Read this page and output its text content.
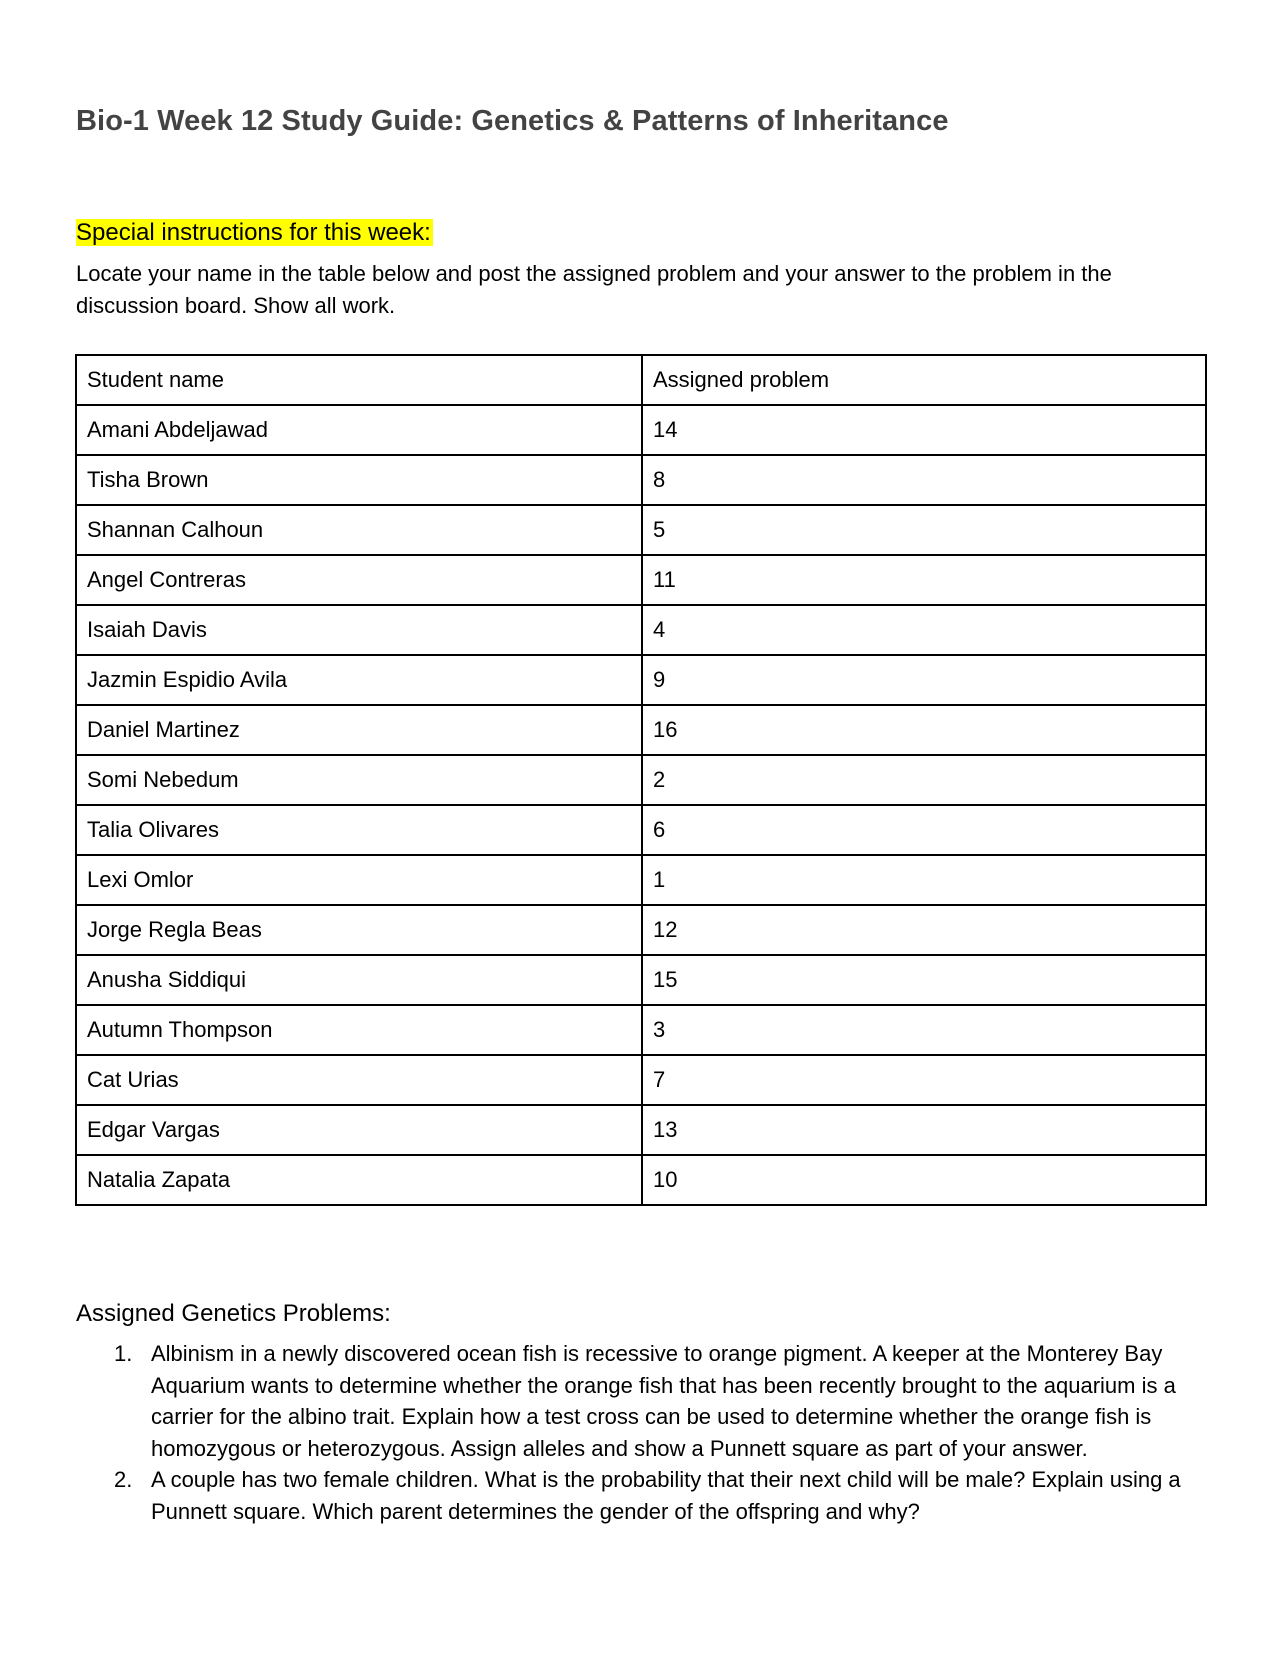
Bio-1 Week 12 Study Guide: Genetics & Patterns of Inheritance

Special instructions for this week:

Locate your name in the table below and post the assigned problem and your answer to the problem in the discussion board. Show all work.

Student name	Assigned problem
Amani Abdeljawad	14
Tisha Brown	8
Shannan Calhoun	5
Angel Contreras	11
Isaiah Davis	4
Jazmin Espidio Avila	9
Daniel Martinez	16
Somi Nebedum	2
Talia Olivares	6
Lexi Omlor	1
Jorge Regla Beas	12
Anusha Siddiqui	15
Autumn Thompson	3
Cat Urias	7
Edgar Vargas	13
Natalia Zapata	10

Assigned Genetics Problems:

1. Albinism in a newly discovered ocean fish is recessive to orange pigment. A keeper at the Monterey Bay Aquarium wants to determine whether the orange fish that has been recently brought to the aquarium is a carrier for the albino trait. Explain how a test cross can be used to determine whether the orange fish is homozygous or heterozygous. Assign alleles and show a Punnett square as part of your answer.
2. A couple has two female children. What is the probability that their next child will be male? Explain using a Punnett square. Which parent determines the gender of the offspring and why?
